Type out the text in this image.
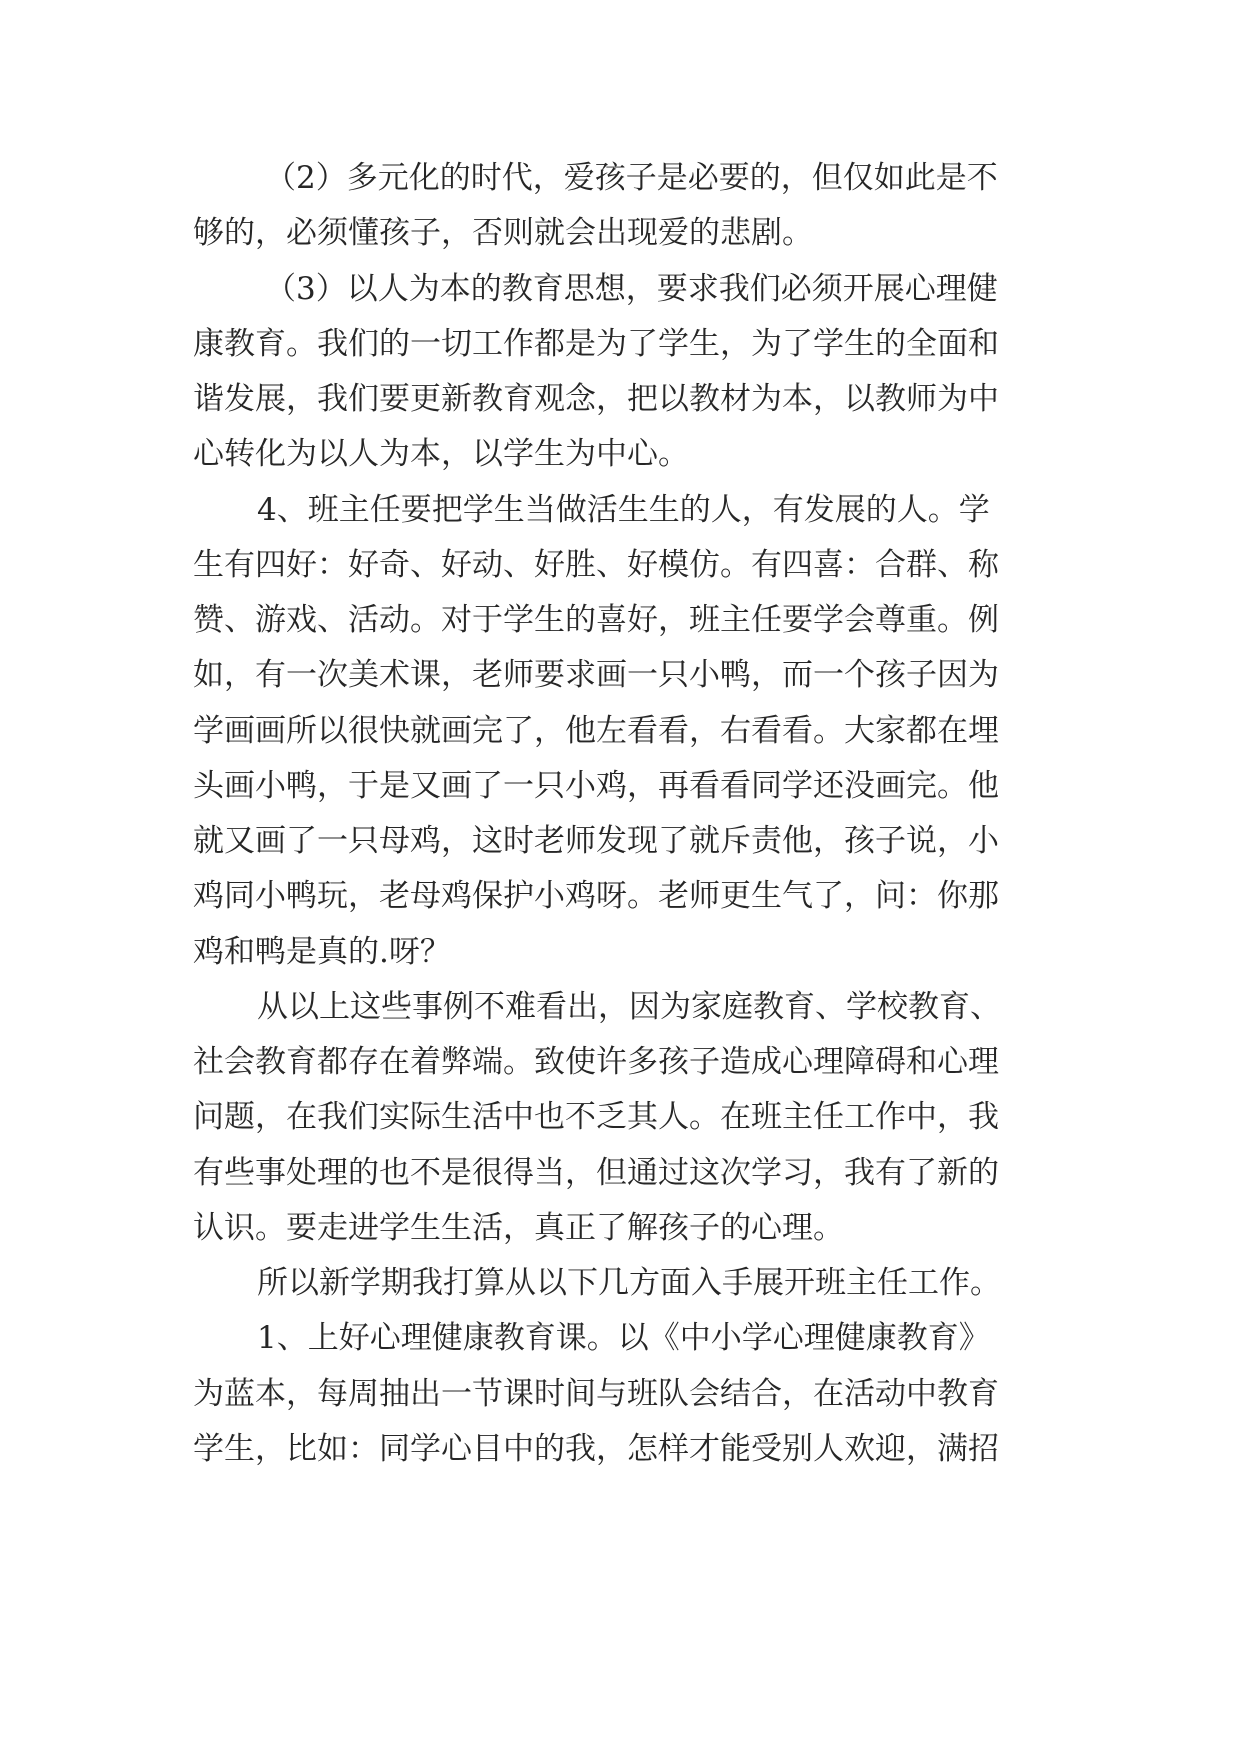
（2）多元化的时代，爱孩子是必要的，但仅如此是不
够的，必须懂孩子，否则就会出现爱的悲剧。
（3）以人为本的教育思想，要求我们必须开展心理健
康教育。我们的一切工作都是为了学生，为了学生的全面和
谐发展，我们要更新教育观念，把以教材为本，以教师为中
心转化为以人为本，以学生为中心。
4、班主任要把学生当做活生生的人，有发展的人。学
生有四好：好奇、好动、好胜、好模仿。有四喜：合群、称
赞、游戏、活动。对于学生的喜好，班主任要学会尊重。例
如，有一次美术课，老师要求画一只小鸭，而一个孩子因为
学画画所以很快就画完了，他左看看，右看看。大家都在埋
头画小鸭，于是又画了一只小鸡，再看看同学还没画完。他
就又画了一只母鸡，这时老师发现了就斥责他，孩子说，小
鸡同小鸭玩，老母鸡保护小鸡呀。老师更生气了，问：你那
鸡和鸭是真的.呀？
从以上这些事例不难看出，因为家庭教育、学校教育、
社会教育都存在着弊端。致使许多孩子造成心理障碍和心理
问题，在我们实际生活中也不乏其人。在班主任工作中，我
有些事处理的也不是很得当，但通过这次学习，我有了新的
认识。要走进学生生活，真正了解孩子的心理。
所以新学期我打算从以下几方面入手展开班主任工作。
1、上好心理健康教育课。以《中小学心理健康教育》
为蓝本，每周抽出一节课时间与班队会结合，在活动中教育
学生，比如：同学心目中的我，怎样才能受别人欢迎，满招
